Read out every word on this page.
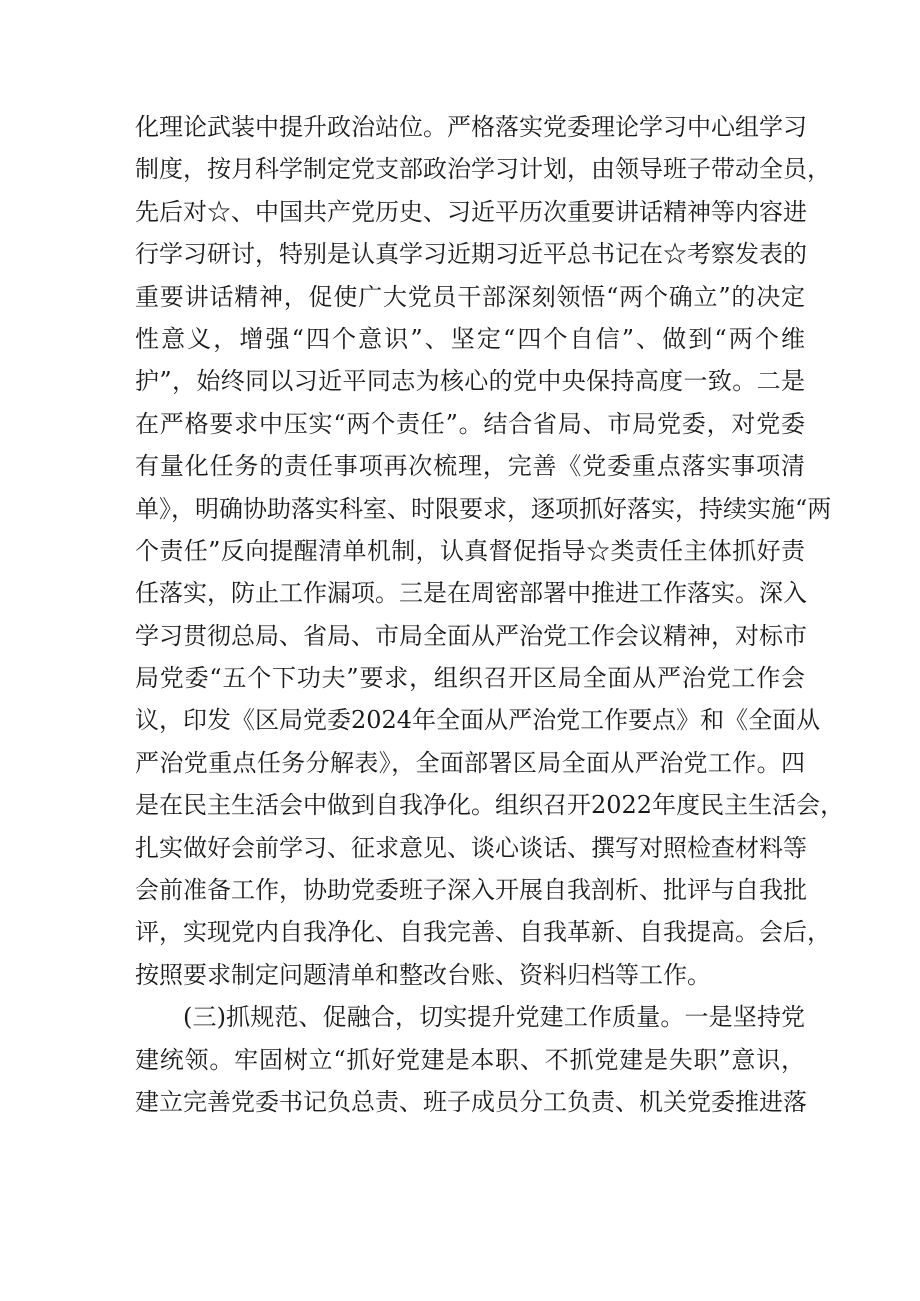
化理论武装中提升政治站位。严格落实党委理论学习中心组学习
制度，按月科学制定党支部政治学习计划，由领导班子带动全员，
先后对☆、中国共产党历史、习近平历次重要讲话精神等内容进
行学习研讨，特别是认真学习近期习近平总书记在☆考察发表的
重要讲话精神，促使广大党员干部深刻领悟“两个确立”的决定
性意义，增强“四个意识”、坚定“四个自信”、做到“两个维
护”，始终同以习近平同志为核心的党中央保持高度一致。二是
在严格要求中压实“两个责任”。结合省局、市局党委，对党委
有量化任务的责任事项再次梳理，完善《党委重点落实事项清
单》，明确协助落实科室、时限要求，逐项抓好落实，持续实施“两
个责任”反向提醒清单机制，认真督促指导☆类责任主体抓好责
任落实，防止工作漏项。三是在周密部署中推进工作落实。深入
学习贯彻总局、省局、市局全面从严治党工作会议精神，对标市
局党委“五个下功夫”要求，组织召开区局全面从严治党工作会
议，印发《区局党委2024年全面从严治党工作要点》和《全面从
严治党重点任务分解表》，全面部署区局全面从严治党工作。四
是在民主生活会中做到自我净化。组织召开2022年度民主生活会，
扎实做好会前学习、征求意见、谈心谈话、撰写对照检查材料等
会前准备工作，协助党委班子深入开展自我剖析、批评与自我批
评，实现党内自我净化、自我完善、自我革新、自我提高。会后，
按照要求制定问题清单和整改台账、资料归档等工作。
(三)抓规范、促融合，切实提升党建工作质量。一是坚持党
建统领。牢固树立“抓好党建是本职、不抓党建是失职”意识，
建立完善党委书记负总责、班子成员分工负责、机关党委推进落
